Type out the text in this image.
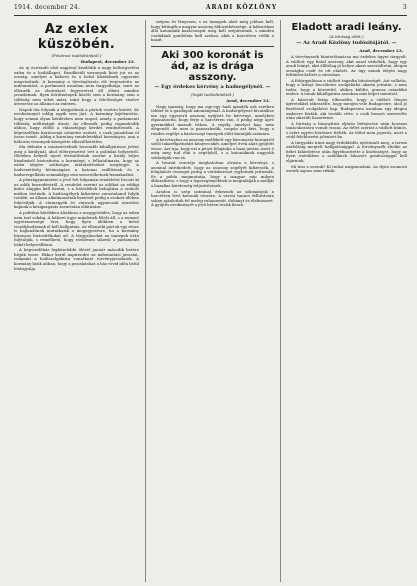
1914. december 24.	ARADI KÖZLÖNY	3
Az exlex küszöbén.
(Fővárosi tudósítónktól.)
Budapest, december 23.

Az uj esztendő első napjával kezdődik a nagy költségvetési exlex és a hadiállapot. Rendkívüli viszonyok közé jut ez az ország, amelyet a háború és a belső küzdelmek egyaránt megviselnek. A kormány a törvényhozás elé terjesztette az indemnitást, a parlament azonban nem tárgyalhatja, mert az ellenzék az obstrukció fegyverével áll ellent minden javaslatnak. Ilyen körülmények között sem a kormány, sem a többség nem tehet mást, mint hogy a felelősséget viselve átvezesse az államot az exlexen.

Napok óta folynak a tárgyalások a pártok vezérei között, de eredménnyel eddig egyik sem járt. A kormány kijelentette, hogy semmi olyan kérdésben nem enged, amely a parlamenti többség méltóságát érinti. Az ellenzék pedig ragaszkodik ahhoz, hogy előbb a választójogi kérdés rendeztessék. A képviselőház karácsonyi szünetre oszlott, s csak januárban ül össze ismét. Addig a kormány rendeletekkel kormányoz, ami a háborús viszonyok közepette elkerülhetetlen.

Ma délután a miniszterelnök hosszabb kihallgatáson jelent meg a királynál, ahol előterjesztést tett a politikai helyzetről. Illetékes helyről nyert értesülésünk szerint a király teljes bizalmáról biztosította a kormányt, s felhatalmazta, hogy az exlex idejére szükséges intézkedéseket megtegye. A hadvezetőség kívánságára a katonai szállítások és a hadseregellátás semmiképp sem szenvedhetnek fennakadást.

A pénzügyminiszter a jövő hét folyamán rendeletet bocsát ki az adók beszedéséről. A rendelet szerint az adókat az eddigi kulcs alapján kell fizetni, s a hátralékok behajtása a szokott módon történik. A hadisegélyek kifizetése zavartalanul folyik tovább, az állami alkalmazottak fizetését pedig a szokott időben folyósítják. A vármegyék és városok ugyancsak utasítást kapnak a közigazgatás zavartalan ellátására.

A politikai körökben általános a meggyőződés, hogy az exlex nem tart sokáig. A háború ügye mindenek fölött áll, s a nemzet egyetemessége érzi, hogy ilyen időkben a belső viszálykodásnak el kell hallgatnia. Az ellenzéki pártok egy része is hajlandónak mutatkozik a megegyezésre, ha a kormány bizonyos biztosítékokat ad. A tárgyalásokat az ünnepek után folytatják, s remélhető, hogy rövidesen sikerül a parlamenti békét helyreállítani.

A képviselőház legközelebbi ülését január második hetére hívják össze. Ekkor kerül napirendre az indemnitási javaslat, valamint a hadiszolgálatra vonatkozó törvényjavaslatok. A kormány bízik abban, hogy a javaslatokat a ház rövid időn belül letárgyalja.

szépen és fényesen, s az ünnepek alatt még jobban kell, hogy kitűnjék a magyar asszony áldozatkészsége. A háborúban álló katonáink karácsonyát meg kell szépítenünk, s minden családnak gondolnia kell azokra, akik a harctéren védik a hazát.

Aki 300 koronát is ád, az is drága asszony.
— Egy érdekes kérvény a hadsegélynél. —
(Saját tudósítónktól.)
Arad, december 23.

Nagy igazság, hogy ma egy-egy hadi ajándék sok esetben többet ér a gazdagok adományánál. A hadsegélyező hivatalhoz ma egy egyszerű asszony nyújtott be kérvényt, amelyben elpanaszolta, hogy férje a harctéren van, ő pedig négy apró gyermekkel maradt itthon. A segély, amelyet kap, nem elegendő, de nem is panaszkodik, csupán azt kéri, hogy a rendes segélyt a karácsonyi ünnepek előtt kiutalják számára.

A kérvényhez az asszony mellékelt egy háromszáz koronáról szóló takarékpénztári könyvecskét, amelyet évek alatt gyűjtött össze. Azt írja, hogy ezt a pénzt felajánlja a haza javára, mert ő még meg tud élni a segélyből, s a katonáknak nagyobb szükségük van rá.

A hivatal vezetője meghatottan olvasta a kérvényt, s azonnal intézkedett, hogy az asszony segélyét kifizessék, a felajánlott összeget pedig a vöröskereszt egyletnek juttassák. Ez a példa megmutatja, hogy a magyar nép milyen áldozatkész, s hogy a legszegényebbek is megtalálják a módját a hazafias kötelesség teljesítésének.

Aradon is szép számmal érkeznek az adományok a harctéren levő katonák részére. A városi tanács felhívására sokan ajánlottak fel meleg ruhaneműt, dohányt és élelmiszert. A gyűjtés eredményét a jövő héten teszik közzé.

Eladott aradi leány.
(A bíróság előtt.)
— Az Aradi Közlöny tudósítójától. —
Arad, december 23.

A törvényszék büntetőtanácsa ma érdekes ügyet tárgyalt. A vádlott egy fiatal asszony, akit azzal vádoltak, hogy egy aradi leányt, akit állítólag jó helyre akart szerződtetni, idegen országba csalt és ott eladott. Az ügy annak idején nagy feltűnést keltett a városban.

A főtárgyaláson a vádlott tagadta bűnösségét. Azt vallotta, hogy a leányt becsületes szolgálatba akarta juttatni, s nem tudta, hogy a közvetítő, akihez küldte, gonosz szándékú ember. A tanuk kihallgatása azonban más képet mutatott.

A károsult leány elbeszélte, hogy a vádlott fényes ígéretekkel rábeszélte, hogy menjen vele Budapestre, ahol jó fizetéssel szolgálatot kap. Budapesten azonban egy idegen emberre bízták, aki tovább vitte, s csak hosszú szenvedés után sikerült hazatérnie.

A bíróság a bizonyítási eljárás befejezése után hosszas tanácskozásra vonult vissza. Az ítélet szerint a vádlott bűnös, s ezért egyévi börtönre ítélték. Az ítélet nem jogerős, mert a védő felebbezést jelentett be.

A tárgyalás iránt nagy érdeklődés nyilvánult meg, a terem zsúfolásig megtelt hallgatósággal. A törvényszék elnöke az ítélet kihirdetése után figyelmeztette a közönséget, hogy az ilyen esetekben a szülőknek fokozott gondossággal kell eljárniuk.

Mi lesz a sorsuk? Ki tudná megmondani. Az ilyen szomorú esetek sajnos nem ritkák.
